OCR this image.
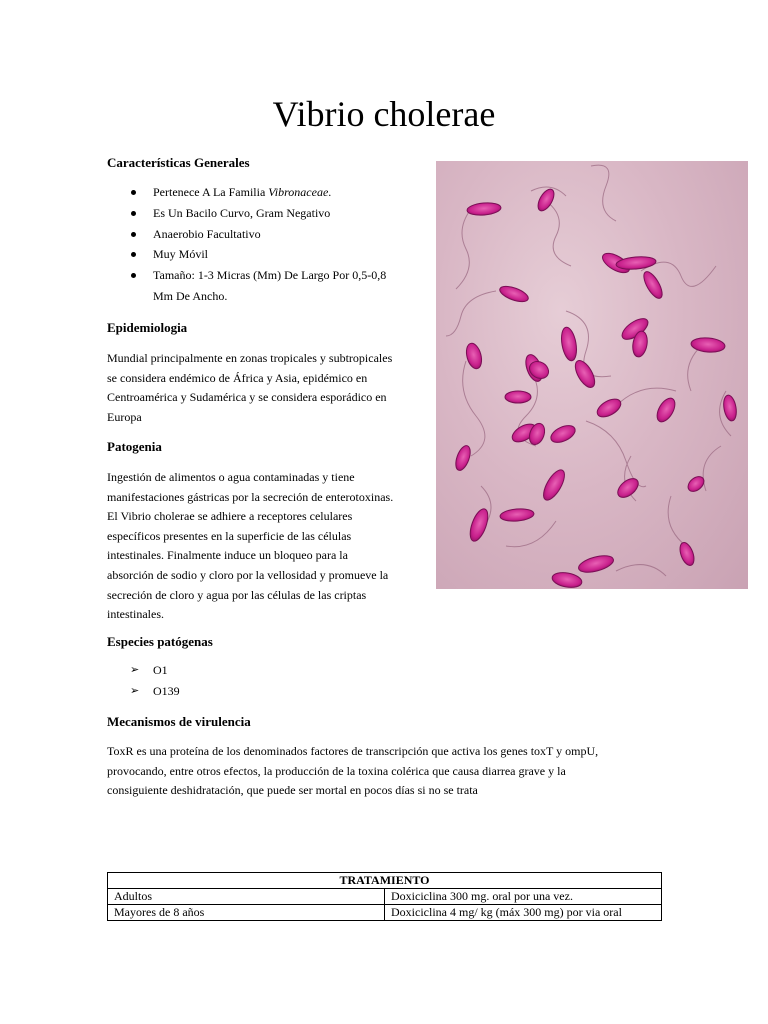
Vibrio cholerae

Características Generales

Pertenece A La Familia Vibronaceae.
Es Un Bacilo Curvo, Gram Negativo
Anaerobio Facultativo
Muy Móvil
Tamaño: 1-3 Micras (Mm) De Largo Por 0,5-0,8
Mm De Ancho.

Epidemiologia

Mundial principalmente en zonas tropicales y subtropicales

se considera endémico de África y Asia, epidémico en

Centroamérica y Sudamérica y se considera esporádico en

Europa

Patogenia

Ingestión de alimentos o agua contaminadas y tiene

manifestaciones gástricas por la secreción de enterotoxinas.

El Vibrio cholerae se adhiere a receptores celulares

específicos presentes en la superficie de las células

intestinales. Finalmente induce un bloqueo para la

absorción de sodio y cloro por la vellosidad y promueve la

secreción de cloro y agua por las células de las criptas

intestinales.

Especies patógenas

➢ O1
➢ O139

Mecanismos de virulencia

ToxR es una proteína de los denominados factores de transcripción que activa los genes toxT y ompU,

provocando, entre otros efectos, la producción de la toxina colérica que causa diarrea grave y la

consiguiente deshidratación, que puede ser mortal en pocos días si no se trata

TRATAMIENTO	
Adultos	Doxiciclina 300 mg. oral por una vez.
Mayores de 8 años	Doxiciclina 4 mg/ kg (máx 300 mg) por via oral
